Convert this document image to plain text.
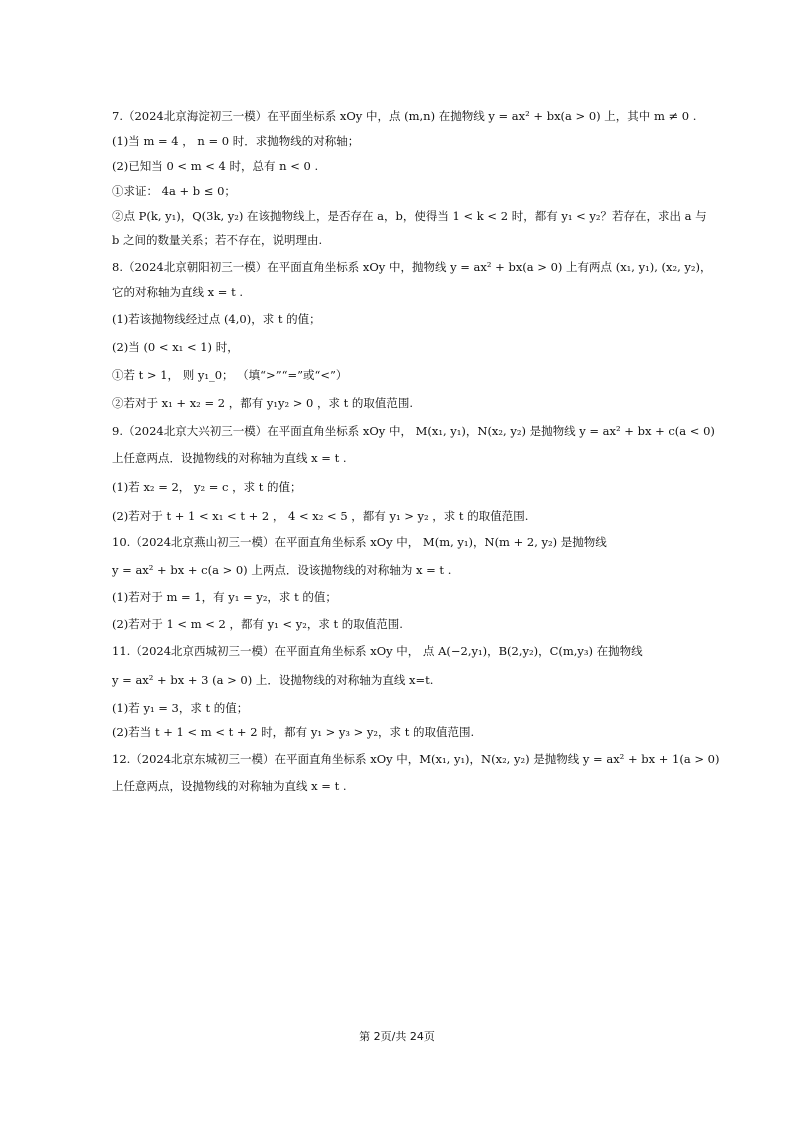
7.（2024北京海淀初三一模）在平面坐标系 xOy 中，点 (m,n) 在抛物线 y = ax² + bx(a > 0) 上，其中 m ≠ 0 .
(1)当 m = 4 ， n = 0 时．求抛物线的对称轴；
(2)已知当 0 < m < 4 时，总有 n < 0 .
①求证： 4a + b ≤ 0；
②点 P(k, y₁)，Q(3k, y₂) 在该抛物线上，是否存在 a，b，使得当 1 < k < 2 时，都有 y₁ < y₂？若存在，求出 a 与
b 之间的数量关系；若不存在，说明理由.
8.（2024北京朝阳初三一模）在平面直角坐标系 xOy 中，抛物线 y = ax² + bx(a > 0) 上有两点 (x₁, y₁), (x₂, y₂)，
它的对称轴为直线 x = t .
(1)若该抛物线经过点 (4,0)，求 t 的值；
(2)当 (0 < x₁ < 1) 时，
①若 t > 1， 则 y₁_0； （填“>”“=”或“<”）
②若对于 x₁ + x₂ = 2 ，都有 y₁y₂ > 0 ，求 t 的取值范围.
9.（2024北京大兴初三一模）在平面直角坐标系 xOy 中， M(x₁, y₁)，N(x₂, y₂) 是抛物线 y = ax² + bx + c(a < 0)
上任意两点．设抛物线的对称轴为直线 x = t .
(1)若 x₂ = 2， y₂ = c ，求 t 的值；
(2)若对于 t + 1 < x₁ < t + 2 ， 4 < x₂ < 5 ，都有 y₁ > y₂ ，求 t 的取值范围.
10.（2024北京燕山初三一模）在平面直角坐标系 xOy 中， M(m, y₁)，N(m + 2, y₂) 是抛物线
y = ax² + bx + c(a > 0) 上两点．设该抛物线的对称轴为 x = t .
(1)若对于 m = 1，有 y₁ = y₂，求 t 的值；
(2)若对于 1 < m < 2 ，都有 y₁ < y₂，求 t 的取值范围.
11.（2024北京西城初三一模）在平面直角坐标系 xOy 中， 点 A(−2,y₁)，B(2,y₂)，C(m,y₃) 在抛物线
y = ax² + bx + 3 (a > 0) 上．设抛物线的对称轴为直线 x=t.
(1)若 y₁ = 3，求 t 的值；
(2)若当 t + 1 < m < t + 2 时，都有 y₁ > y₃ > y₂，求 t 的取值范围.
12.（2024北京东城初三一模）在平面直角坐标系 xOy 中，M(x₁, y₁)，N(x₂, y₂) 是抛物线 y = ax² + bx + 1(a > 0)
上任意两点，设抛物线的对称轴为直线 x = t .
第 2页/共 24页
